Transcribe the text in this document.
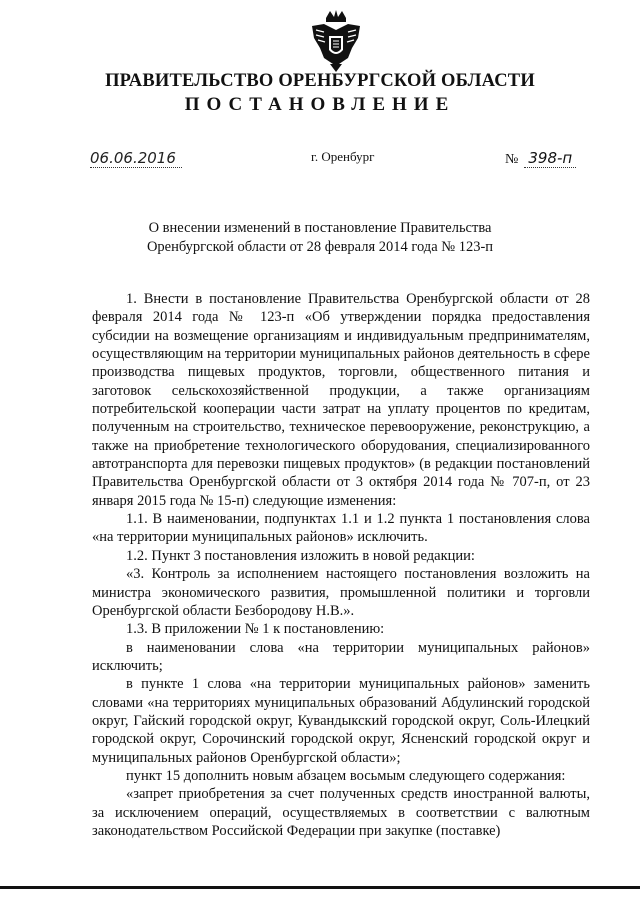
ПРАВИТЕЛЬСТВО ОРЕНБУРГСКОЙ ОБЛАСТИ
ПОСТАНОВЛЕНИЕ
06.06.2016	г. Оренбург	№ 398-п
О внесении изменений в постановление Правительства
Оренбургской области от 28 февраля 2014 года № 123-п

1. Внести в постановление Правительства Оренбургской области от 28 февраля 2014 года № 123-п «Об утверждении порядка предоставления субсидии на возмещение организациям и индивидуальным предпринимателям, осуществляющим на территории муниципальных районов деятельность в сфере производства пищевых продуктов, торговли, общественного питания и заготовок сельскохозяйственной продукции, а также организациям потребительской кооперации части затрат на уплату процентов по кредитам, полученным на строительство, техническое перевооружение, реконструкцию, а также на приобретение технологического оборудования, специализированного автотранспорта для перевозки пищевых продуктов» (в редакции постановлений Правительства Оренбургской области от 3 октября 2014 года № 707-п, от 23 января 2015 года № 15-п) следующие изменения:

1.1. В наименовании, подпунктах 1.1 и 1.2 пункта 1 постановления слова «на территории муниципальных районов» исключить.

1.2. Пункт 3 постановления изложить в новой редакции:

«3. Контроль за исполнением настоящего постановления возложить на министра экономического развития, промышленной политики и торговли Оренбургской области Безбородову Н.В.».

1.3. В приложении № 1 к постановлению:

в наименовании слова «на территории муниципальных районов» исключить;

в пункте 1 слова «на территории муниципальных районов» заменить словами «на территориях муниципальных образований Абдулинский городской округ, Гайский городской округ, Кувандыкский городской округ, Соль-Илецкий городской округ, Сорочинский городской округ, Ясненский городской округ и муниципальных районов Оренбургской области»;

пункт 15 дополнить новым абзацем восьмым следующего содержания:

«запрет приобретения за счет полученных средств иностранной валюты, за исключением операций, осуществляемых в соответствии с валютным законодательством Российской Федерации при закупке (поставке)
